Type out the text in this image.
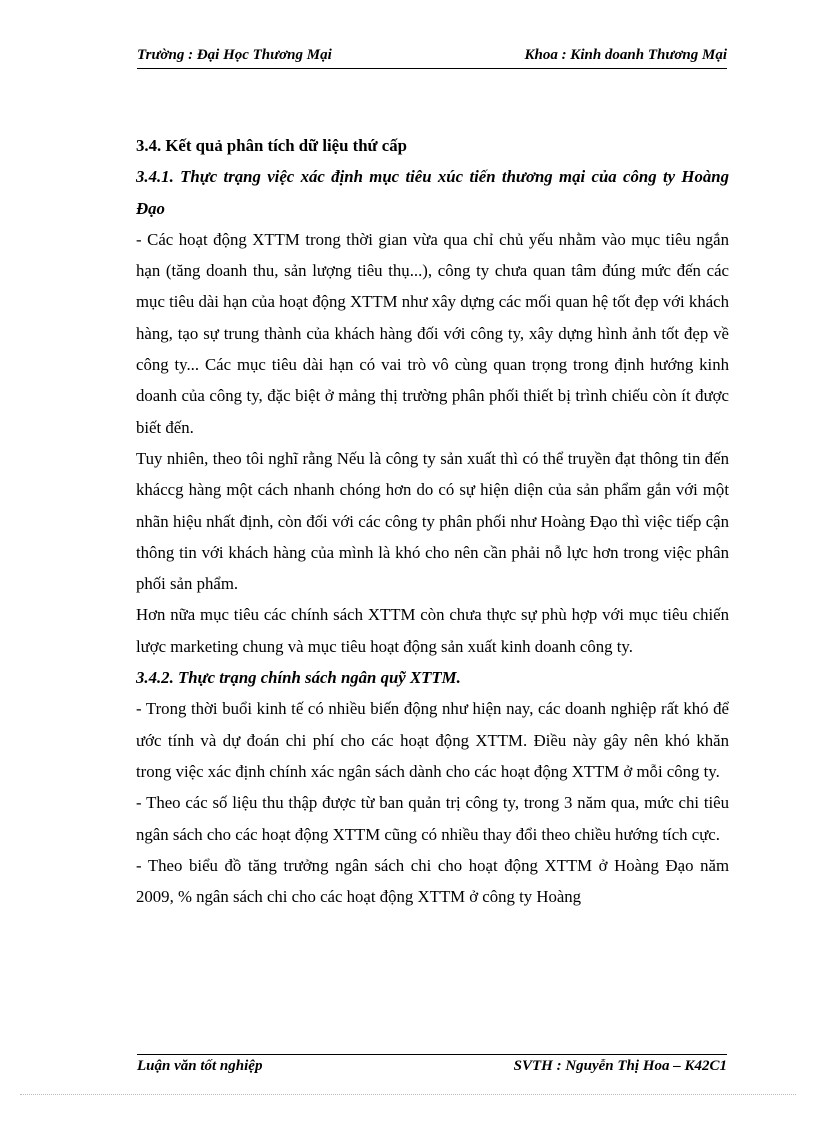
Trường : Đại Học Thương Mại	Khoa : Kinh doanh Thương Mại

3.4. Kết quả phân tích dữ liệu thứ cấp

3.4.1. Thực trạng việc xác định mục tiêu xúc tiến thương mại của công ty Hoàng Đạo

- Các hoạt động XTTM trong thời gian vừa qua chỉ chủ yếu nhằm vào mục tiêu ngắn hạn (tăng doanh thu, sản lượng tiêu thụ...), công ty chưa quan tâm đúng mức đến các mục tiêu dài hạn của hoạt động XTTM như xây dựng các mối quan hệ tốt đẹp với khách hàng, tạo sự trung thành của khách hàng đối với công ty, xây dựng hình ảnh tốt đẹp về công ty... Các mục tiêu dài hạn có vai trò vô cùng quan trọng trong định hướng kinh doanh của công ty, đặc biệt ở mảng thị trường phân phối thiết bị trình chiếu còn ít được biết đến.

Tuy nhiên, theo tôi nghĩ rằng Nếu là công ty sản xuất thì có thể truyền đạt thông tin đến kháccg hàng một cách nhanh chóng hơn do có sự hiện diện của sản phẩm gắn với một nhãn hiệu nhất định, còn đối với các công ty phân phối như Hoàng Đạo thì việc tiếp cận thông tin với khách hàng của mình là khó cho nên cần phải nỗ lực hơn trong việc phân phối sản phẩm.

Hơn nữa mục tiêu các chính sách XTTM còn chưa thực sự phù hợp với mục tiêu chiến lược marketing chung và mục tiêu hoạt động sản xuất kinh doanh công ty.

3.4.2. Thực trạng chính sách ngân quỹ XTTM.

- Trong thời buổi kinh tế có nhiều biến động như hiện nay, các doanh nghiệp rất khó để ước tính và dự đoán chi phí cho các hoạt động XTTM. Điều này gây nên khó khăn trong việc xác định chính xác ngân sách dành cho các hoạt động XTTM ở mỗi công ty.

- Theo các số liệu thu thập được từ ban quản trị công ty, trong 3 năm qua, mức chi tiêu ngân sách cho các hoạt động XTTM cũng có nhiều thay đổi theo chiều hướng tích cực.

- Theo biểu đồ tăng trưởng ngân sách chi cho hoạt động XTTM ở Hoàng Đạo năm 2009, % ngân sách chi cho các hoạt động XTTM ở công ty Hoàng

Luận văn tốt nghiệp	SVTH : Nguyễn Thị Hoa – K42C1
